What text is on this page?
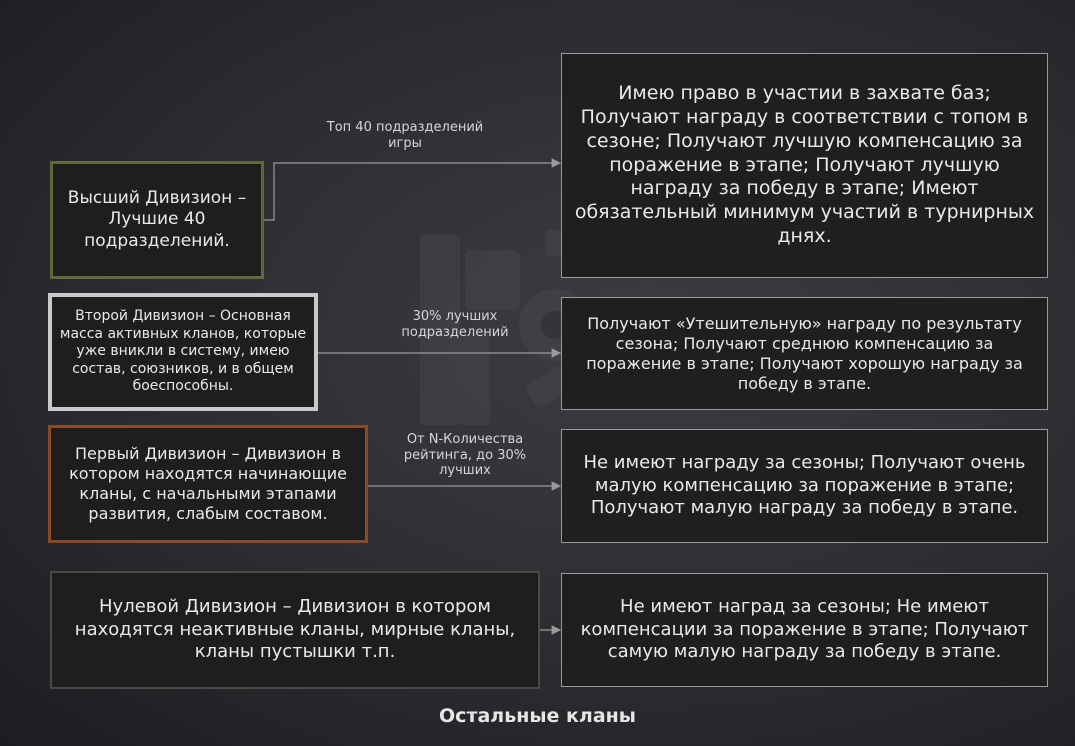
Топ 40 подразделений игры
30% лучших подразделений
От N-Количества рейтинга, до 30% лучших
Высший Дивизион – Лучшие 40 подразделений.
Второй Дивизион – Основная масса активных кланов, которые уже вникли в систему, имею состав, союзников, и в общем боеспособны.
Первый Дивизион – Дивизион в котором находятся начинающие кланы, с начальными этапами развития, слабым составом.
Нулевой Дивизион – Дивизион в котором находятся неактивные кланы, мирные кланы, кланы пустышки т.п.
Имею право в участии в захвате баз; Получают награду в соответствии с топом в сезоне; Получают лучшую компенсацию за поражение в этапе; Получают лучшую награду за победу в этапе; Имеют обязательный минимум участий в турнирных днях.
Получают «Утешительную» награду по результату сезона; Получают среднюю компенсацию за поражение в этапе; Получают хорошую награду за победу в этапе.
Не имеют награду за сезоны; Получают очень малую компенсацию за поражение в этапе; Получают малую награду за победу в этапе.
Не имеют наград за сезоны; Не имеют компенсации за поражение в этапе; Получают самую малую награду за победу в этапе.
Остальные кланы
